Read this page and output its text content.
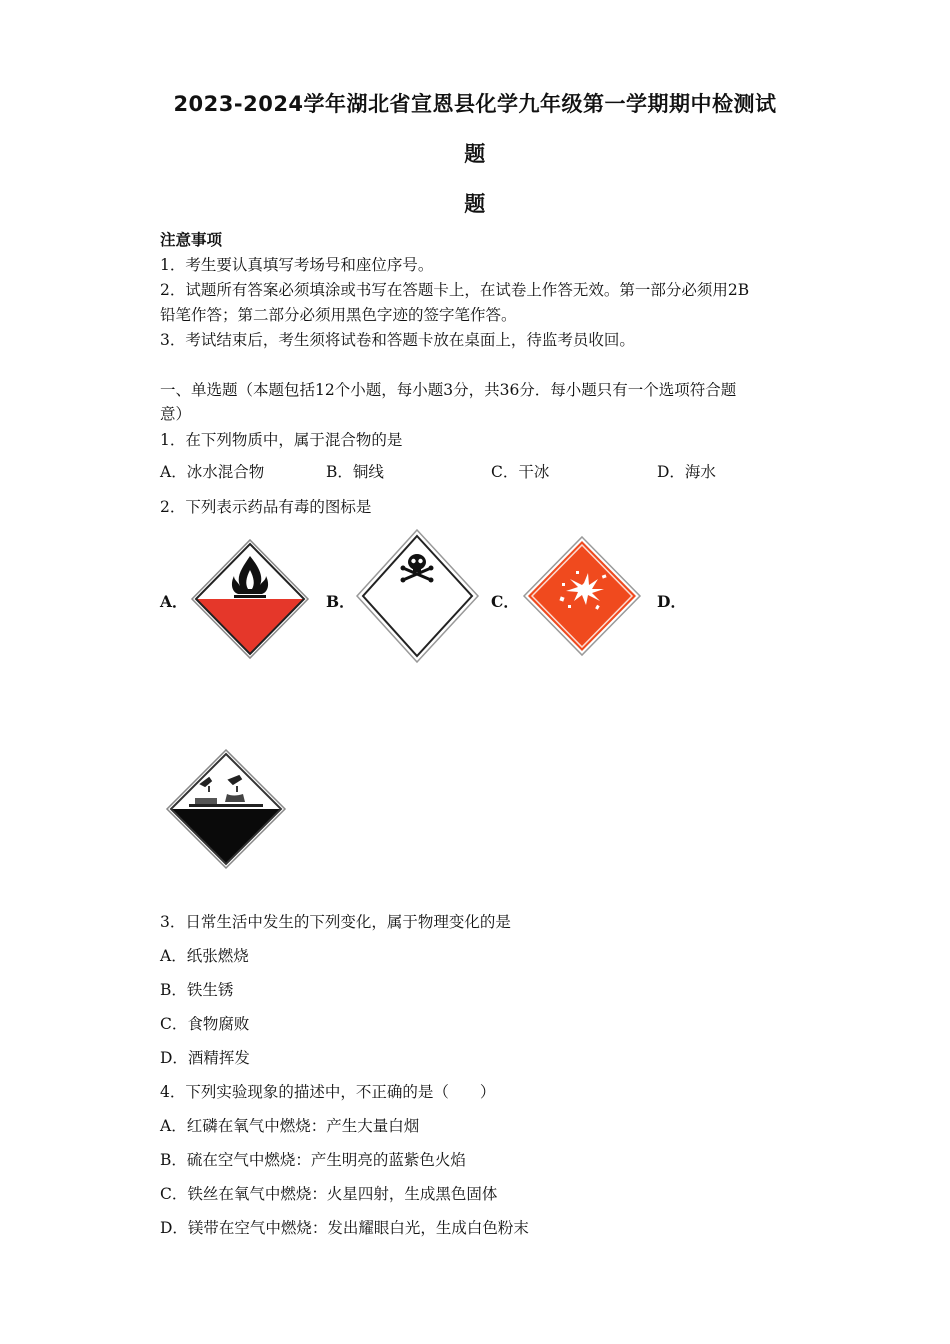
2023-2024学年湖北省宣恩县化学九年级第一学期期中检测试
题
题
注意事项
1．考生要认真填写考场号和座位序号。
2．试题所有答案必须填涂或书写在答题卡上，在试卷上作答无效。第一部分必须用2B
铅笔作答；第二部分必须用黑色字迹的签字笔作答。
3．考试结束后，考生须将试卷和答题卡放在桌面上，待监考员收回。
一、单选题（本题包括12个小题，每小题3分，共36分．每小题只有一个选项符合题
意）
1．在下列物质中，属于混合物的是
A．冰水混合物	B．铜线	C．干冰	D．海水
2．下列表示药品有毒的图标是
A．	B．	C．	D．
3．日常生活中发生的下列变化，属于物理变化的是
A．纸张燃烧
B．铁生锈
C．食物腐败
D．酒精挥发
4．下列实验现象的描述中，不正确的是（　　）
A．红磷在氧气中燃烧：产生大量白烟
B．硫在空气中燃烧：产生明亮的蓝紫色火焰
C．铁丝在氧气中燃烧：火星四射，生成黑色固体
D．镁带在空气中燃烧：发出耀眼白光，生成白色粉末
